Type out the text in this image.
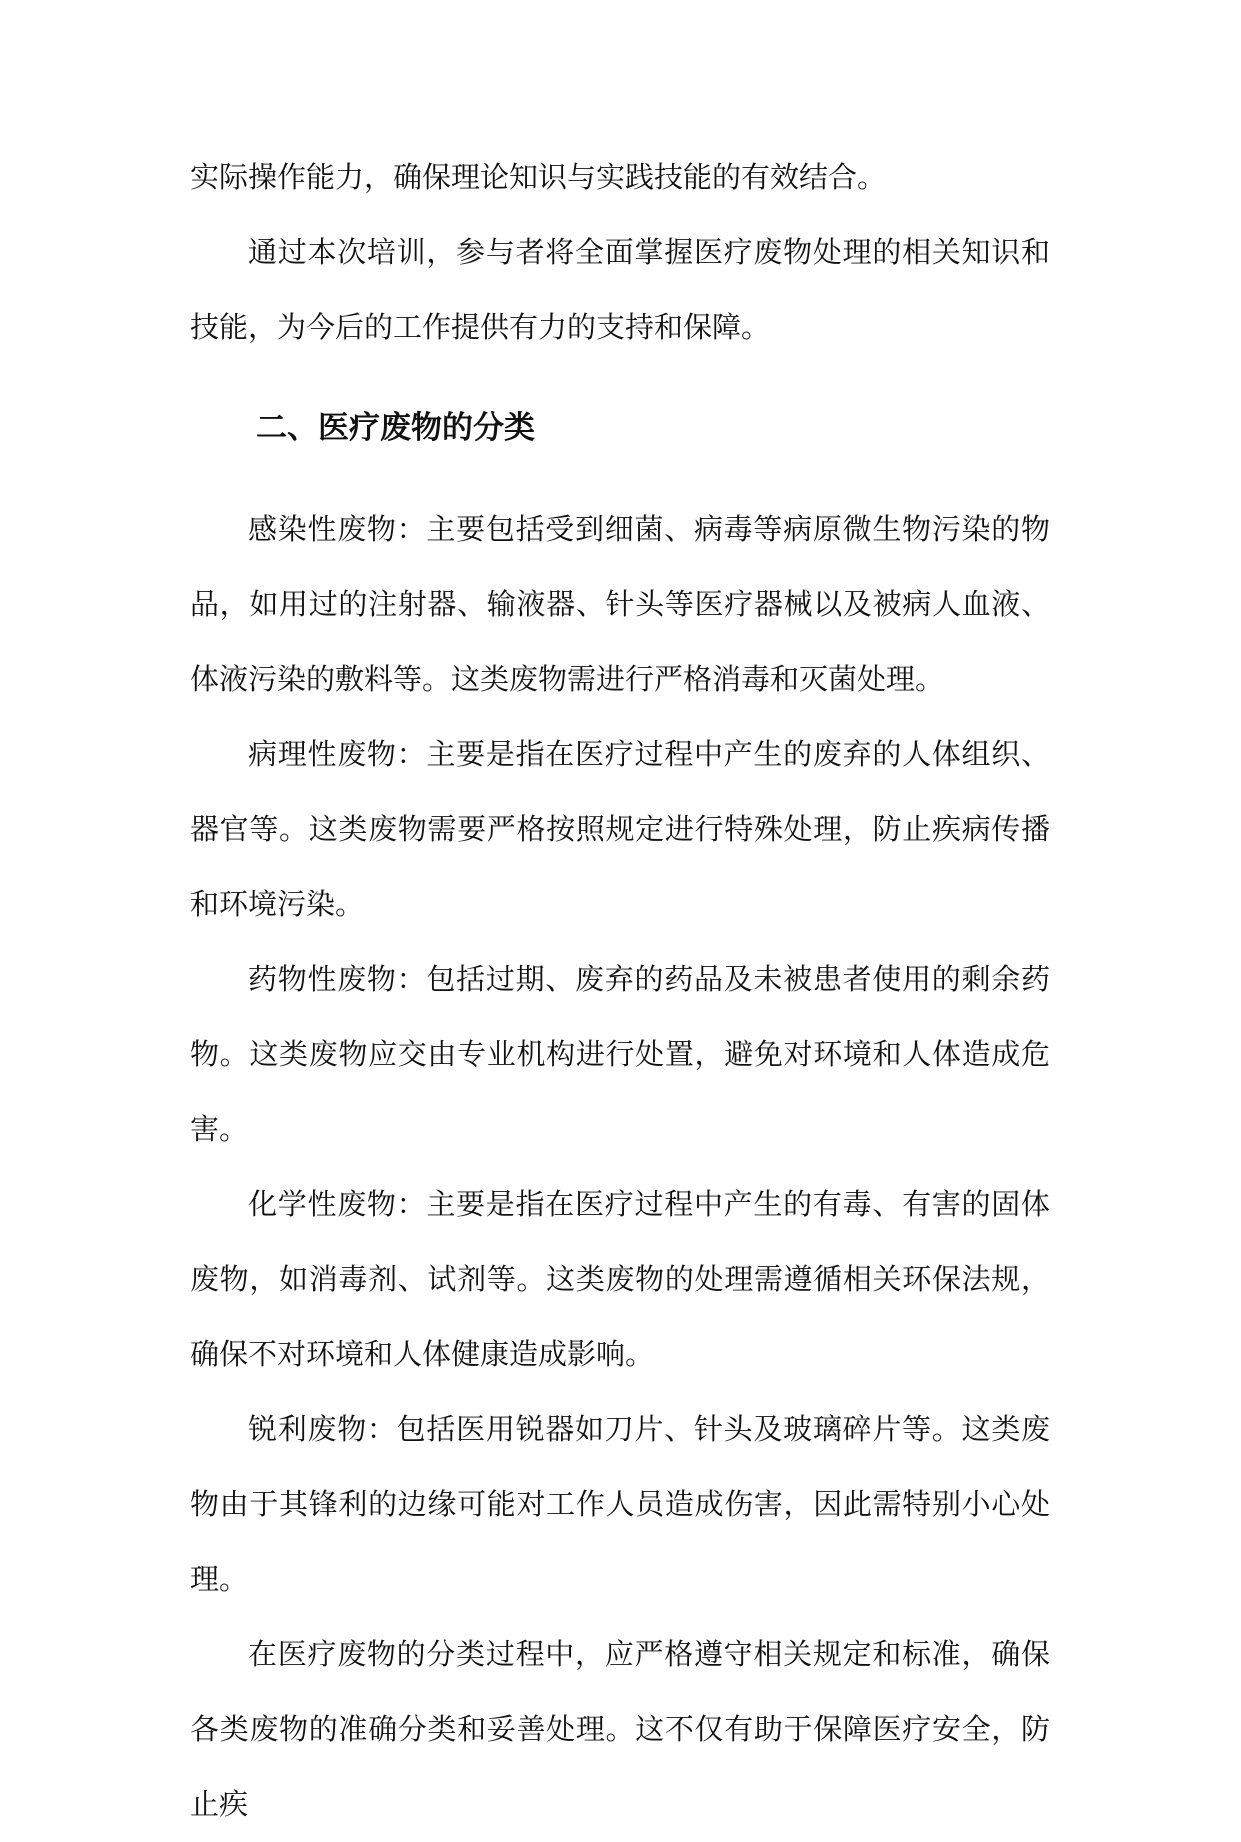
实际操作能力，确保理论知识与实践技能的有效结合。

通过本次培训，参与者将全面掌握医疗废物处理的相关知识和技能，为今后的工作提供有力的支持和保障。

二、医疗废物的分类

感染性废物：主要包括受到细菌、病毒等病原微生物污染的物品，如用过的注射器、输液器、针头等医疗器械以及被病人血液、体液污染的敷料等。这类废物需进行严格消毒和灭菌处理。

病理性废物：主要是指在医疗过程中产生的废弃的人体组织、器官等。这类废物需要严格按照规定进行特殊处理，防止疾病传播和环境污染。

药物性废物：包括过期、废弃的药品及未被患者使用的剩余药物。这类废物应交由专业机构进行处置，避免对环境和人体造成危害。

化学性废物：主要是指在医疗过程中产生的有毒、有害的固体废物，如消毒剂、试剂等。这类废物的处理需遵循相关环保法规，确保不对环境和人体健康造成影响。

锐利废物：包括医用锐器如刀片、针头及玻璃碎片等。这类废物由于其锋利的边缘可能对工作人员造成伤害，因此需特别小心处理。

在医疗废物的分类过程中，应严格遵守相关规定和标准，确保各类废物的准确分类和妥善处理。这不仅有助于保障医疗安全，防止疾
